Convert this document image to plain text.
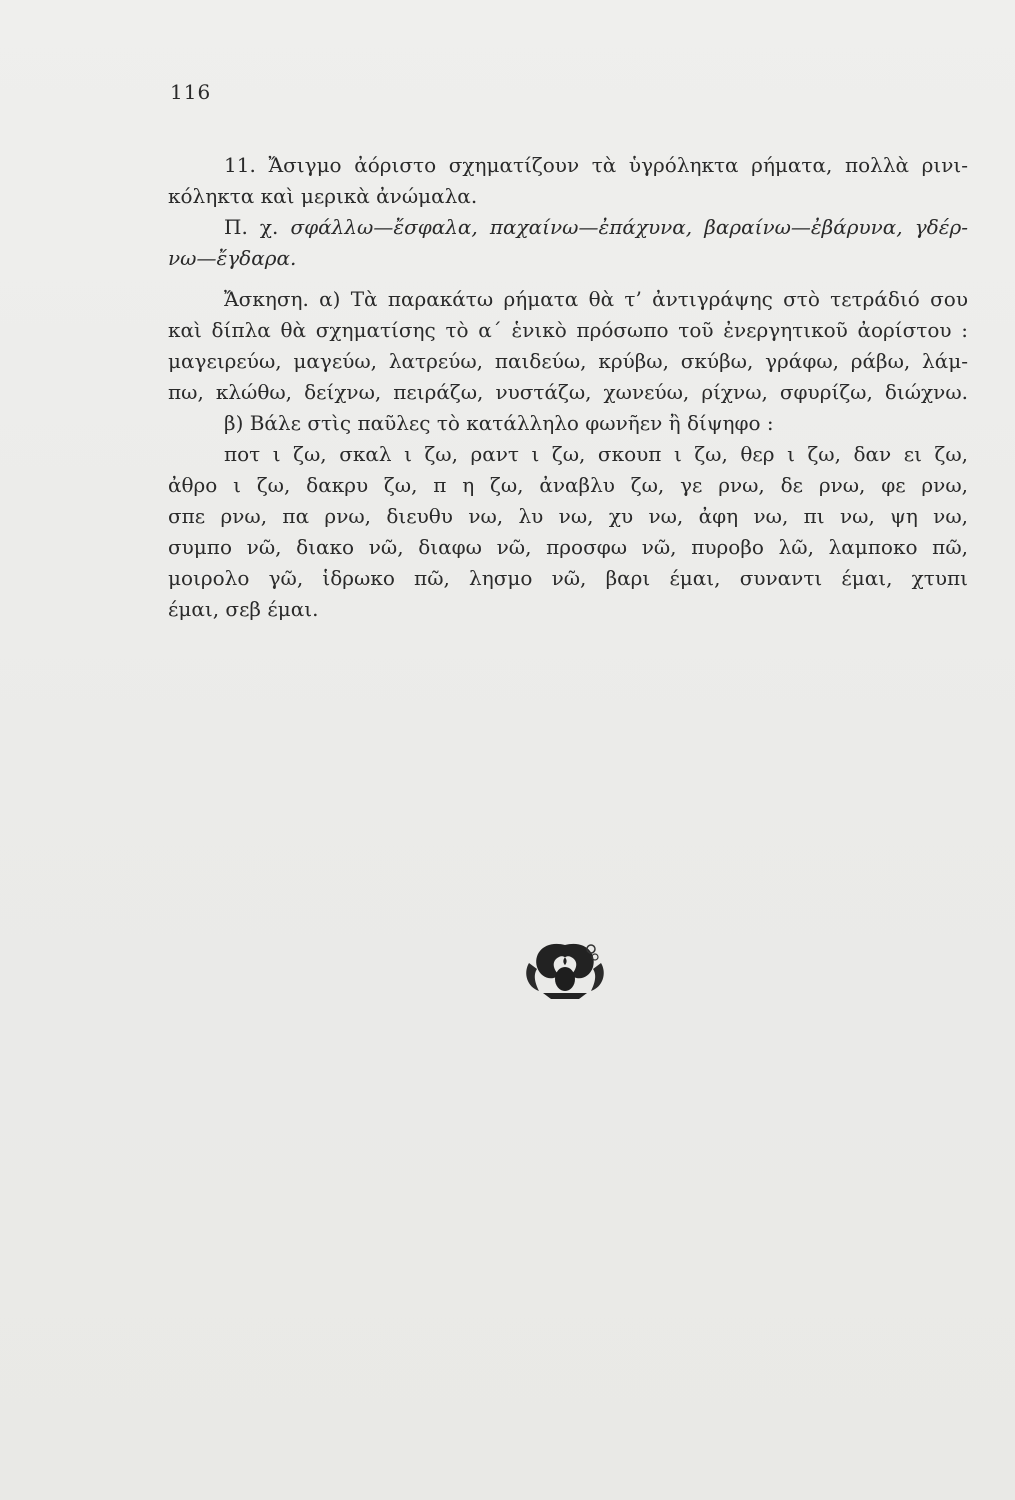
116
11. Ἄσιγμο ἀόριστο σχηματίζουν τὰ ὑγρόληκτα ρήματα, πολλὰ ρινι-
κόληκτα καὶ μερικὰ ἀνώμαλα.
Π. χ. σφάλλω—ἔσφαλα, παχαίνω—ἐπάχυνα, βαραίνω—ἐβάρυνα, γδέρ-
νω—ἔγδαρα.
Ἄσκηση. α) Τὰ παρακάτω ρήματα θὰ τ’ ἀντιγράψης στὸ τετράδιό σου
καὶ δίπλα θὰ σχηματίσης τὸ α΄ ἑνικὸ πρόσωπο τοῦ ἐνεργητικοῦ ἀορίστου :
μαγειρεύω, μαγεύω, λατρεύω, παιδεύω, κρύβω, σκύβω, γράφω, ράβω, λάμ-
πω, κλώθω, δείχνω, πειράζω, νυστάζω, χωνεύω, ρίχνω, σφυρίζω, διώχνω.
β) Βάλε στὶς παῦλες τὸ κατάλληλο φωνῆεν ἢ δίψηφο :
ποτ ι ζω, σκαλ ι ζω, ραντ ι ζω, σκουπ ι ζω, θερ ι ζω, δαν ει ζω,
ἀθρο ι ζω, δακρυ ζω, π η ζω, ἀναβλυ ζω, γε ρνω, δε ρνω, φε ρνω,
σπε ρνω, πα ρνω, διευθυ νω, λυ νω, χυ νω, ἀφη νω, πι νω, ψη νω,
συμπο νῶ, διακο νῶ, διαφω νῶ, προσφω νῶ, πυροβο λῶ, λαμποκο πῶ,
μοιρολο γῶ, ἱδρωκο πῶ, λησμο νῶ, βαρι έμαι, συναντι έμαι, χτυπι
έμαι, σεβ έμαι.
